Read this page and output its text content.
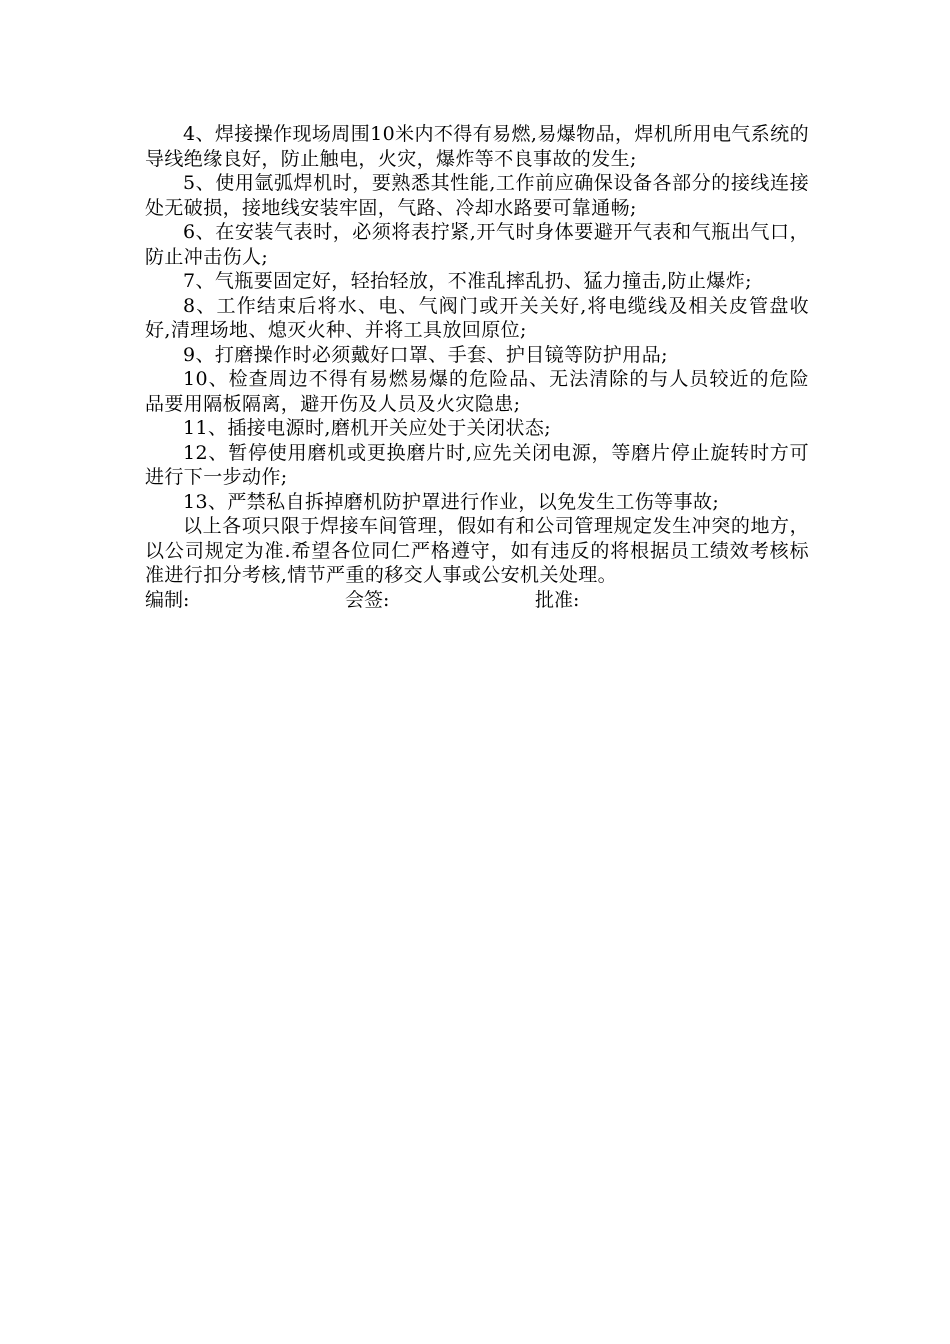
4、焊接操作现场周围10米内不得有易燃,易爆物品，焊机所用电气系统的导线绝缘良好，防止触电，火灾，爆炸等不良事故的发生;

5、使用氩弧焊机时，要熟悉其性能,工作前应确保设备各部分的接线连接处无破损，接地线安装牢固，气路、冷却水路要可靠通畅;

6、在安装气表时，必须将表拧紧,开气时身体要避开气表和气瓶出气口，防止冲击伤人;

7、气瓶要固定好，轻抬轻放，不准乱摔乱扔、猛力撞击,防止爆炸;

8、工作结束后将水、电、气阀门或开关关好,将电缆线及相关皮管盘收好,清理场地、熄灭火种、并将工具放回原位;

9、打磨操作时必须戴好口罩、手套、护目镜等防护用品;

10、检查周边不得有易燃易爆的危险品、无法清除的与人员较近的危险品要用隔板隔离，避开伤及人员及火灾隐患;

11、插接电源时,磨机开关应处于关闭状态;

12、暂停使用磨机或更换磨片时,应先关闭电源，等磨片停止旋转时方可进行下一步动作;

13、严禁私自拆掉磨机防护罩进行作业，以免发生工伤等事故;

以上各项只限于焊接车间管理，假如有和公司管理规定发生冲突的地方，以公司规定为准.希望各位同仁严格遵守，如有违反的将根据员工绩效考核标准进行扣分考核,情节严重的移交人事或公安机关处理。

编制:	会签:	批准:
